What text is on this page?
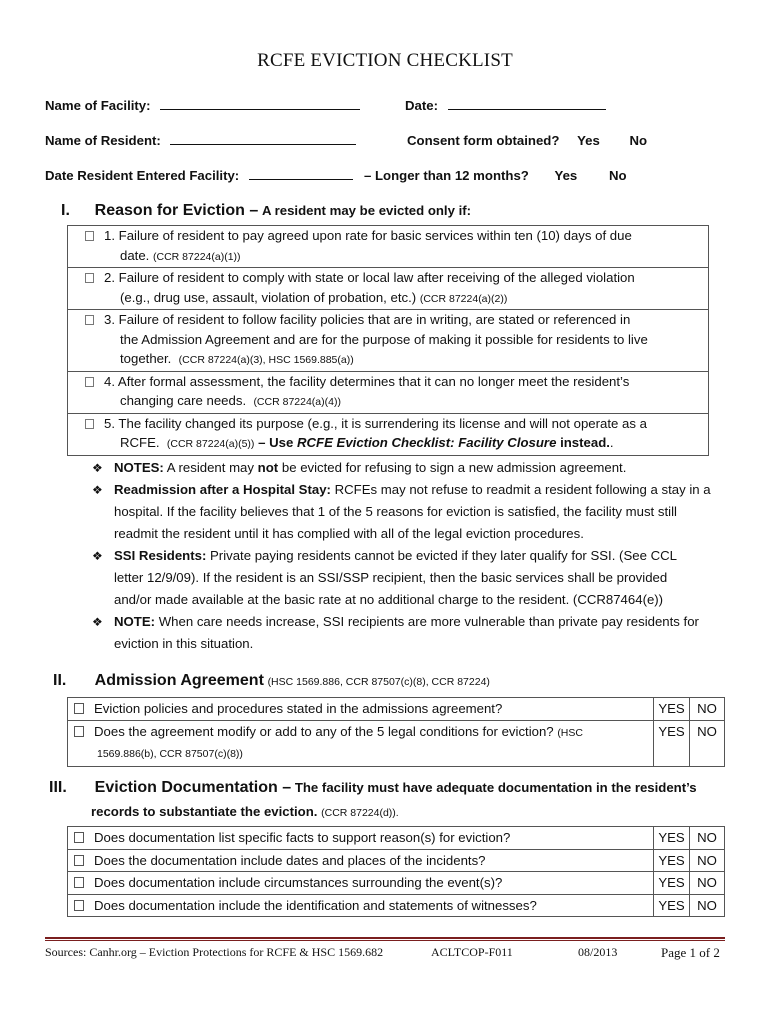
RCFE EVICTION CHECKLIST
Name of Facility:	Date:
Name of Resident:	Consent form obtained? Yes No
Date Resident Entered Facility:	– Longer than 12 months? Yes No
I. Reason for Eviction – A resident may be evicted only if:
1. Failure of resident to pay agreed upon rate for basic services within ten (10) days of due
date. (CCR 87224(a)(1))
2. Failure of resident to comply with state or local law after receiving of the alleged violation
(e.g., drug use, assault, violation of probation, etc.) (CCR 87224(a)(2))
3. Failure of resident to follow facility policies that are in writing, are stated or referenced in
the Admission Agreement and are for the purpose of making it possible for residents to live
together. (CCR 87224(a)(3), HSC 1569.885(a))
4. After formal assessment, the facility determines that it can no longer meet the resident’s
changing care needs. (CCR 87224(a)(4))
5. The facility changed its purpose (e.g., it is surrendering its license and will not operate as a
RCFE. (CCR 87224(a)(5)) – Use RCFE Eviction Checklist: Facility Closure instead..
❖ NOTES: A resident may not be evicted for refusing to sign a new admission agreement.
❖ Readmission after a Hospital Stay: RCFEs may not refuse to readmit a resident following a stay in a
hospital. If the facility believes that 1 of the 5 reasons for eviction is satisfied, the facility must still
readmit the resident until it has complied with all of the legal eviction procedures.
❖ SSI Residents: Private paying residents cannot be evicted if they later qualify for SSI. (See CCL
letter 12/9/09). If the resident is an SSI/SSP recipient, then the basic services shall be provided
and/or made available at the basic rate at no additional charge to the resident. (CCR87464(e))
❖ NOTE: When care needs increase, SSI recipients are more vulnerable than private pay residents for
eviction in this situation.
II. Admission Agreement (HSC 1569.886, CCR 87507(c)(8), CCR 87224)
Eviction policies and procedures stated in the admissions agreement?	YES	NO
Does the agreement modify or add to any of the 5 legal conditions for eviction? (HSC
1569.886(b), CCR 87507(c)(8))	YES	NO
III. Eviction Documentation – The facility must have adequate documentation in the resident’s
records to substantiate the eviction. (CCR 87224(d)).
Does documentation list specific facts to support reason(s) for eviction?	YES	NO
Does the documentation include dates and places of the incidents?	YES	NO
Does documentation include circumstances surrounding the event(s)?	YES	NO
Does documentation include the identification and statements of witnesses?	YES	NO
Sources: Canhr.org – Eviction Protections for RCFE & HSC 1569.682	ACLTCOP-F011	08/2013	Page 1 of 2
